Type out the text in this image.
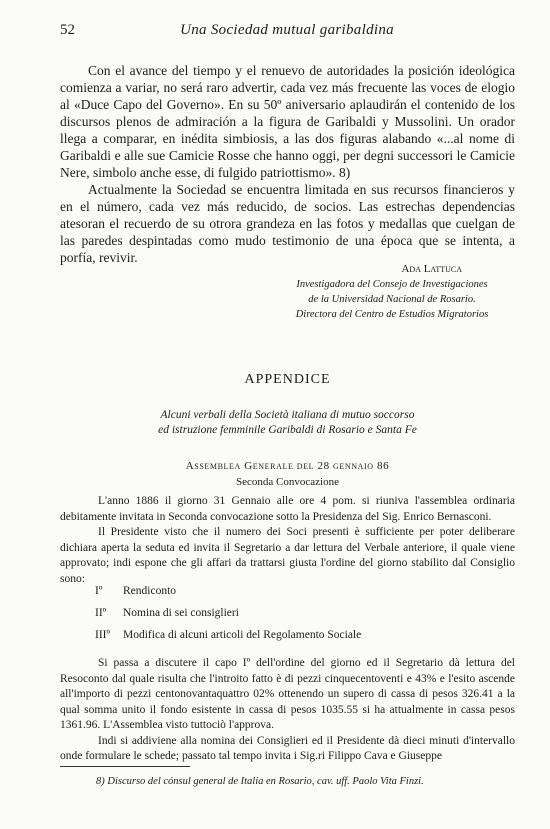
52	Una Sociedad mutual garibaldina

Con el avance del tiempo y el renuevo de autoridades la posición ideológica comienza a variar, no será raro advertir, cada vez más frecuente las voces de elogio al «Duce Capo del Governo». En su 50º aniversario aplaudirán el contenido de los discursos plenos de admiración a la figura de Garibaldi y Mussolini. Un orador llega a comparar, en inédita simbiosis, a las dos figuras alabando «...al nome di Garibaldi e alle sue Camicie Rosse che hanno oggi, per degni successori le Camicie Nere, simbolo anche esse, di fulgido patriottismo». 8)

Actualmente la Sociedad se encuentra limitada en sus recursos financieros y en el número, cada vez más reducido, de socios. Las estrechas dependencias atesoran el recuerdo de su otrora grandeza en las fotos y medallas que cuelgan de las paredes despintadas como mudo testimonio de una época que se intenta, a porfía, revivir.

Ada Lattuca
Investigadora del Consejo de Investigaciones
de la Universidad Nacional de Rosario.
Directora del Centro de Estudios Migratorios
APPENDICE
Alcuni verbali della Società italiana di mutuo soccorso
ed istruzione femminile Garibaldi di Rosario e Santa Fe
Assemblea Generale del 28 gennaio 86
Seconda Convocazione

L'anno 1886 il giorno 31 Gennaio alle ore 4 pom. si riuniva l'assemblea ordinaria debitamente invitata in Seconda convocazione sotto la Presidenza del Sig. Enrico Bernasconi.

Il Presidente visto che il numero dei Soci presenti è sufficiente per poter deliberare dichiara aperta la seduta ed invita il Segretario a dar lettura del Verbale anteriore, il quale viene approvato; indi espone che gli affari da trattarsi giusta l'ordine del giorno stabilito dal Consiglio sono:

Iº Rendiconto
IIº Nomina di sei consiglieri
IIIº Modifica di alcuni articoli del Regolamento Sociale

Si passa a discutere il capo Iº dell'ordine del giorno ed il Segretario dà lettura del Resoconto dal quale risulta che l'introito fatto è di pezzi cinquecentoventi e 43% e l'esito ascende all'importo di pezzi centonovantaquattro 02% ottenendo un supero di cassa di pesos 326.41 a la qual somma unito il fondo esistente in cassa di pesos 1035.55 si ha attualmente in cassa pesos 1361.96. L'Assemblea visto tuttociò l'approva.

Indi si addiviene alla nomina dei Consiglieri ed il Presidente dà dieci minuti d'intervallo onde formulare le schede; passato tal tempo invita i Sig.ri Filippo Cava e Giuseppe

8) Discurso del cónsul general de Italia en Rosario, cav. uff. Paolo Vita Finzi.
